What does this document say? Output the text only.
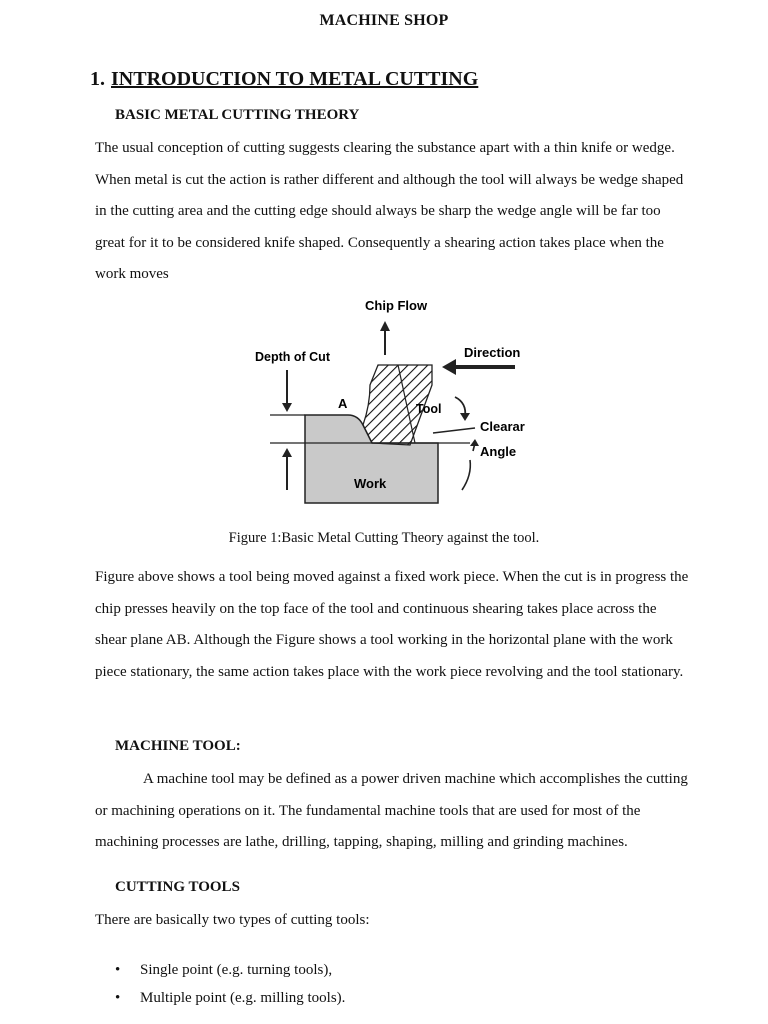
MACHINE SHOP
1. INTRODUCTION TO METAL CUTTING
BASIC METAL CUTTING THEORY
The usual conception of cutting suggests clearing the substance apart with a thin knife or wedge. When metal is cut the action is rather different and although the tool will always be wedge shaped in the cutting area and the cutting edge should always be sharp the wedge angle will be far too great for it to be considered knife shaped. Consequently a shearing action takes place when the work moves
Chip Flow
Depth of Cut	Direction
A	Tool
Clearar
Angle
Work
Figure 1:Basic Metal Cutting Theory against the tool.
Figure above shows a tool being moved against a fixed work piece. When the cut is in progress the chip presses heavily on the top face of the tool and continuous shearing takes place across the shear plane AB. Although the Figure shows a tool working in the horizontal plane with the work piece stationary, the same action takes place with the work piece revolving and the tool stationary.
MACHINE TOOL:
A machine tool may be defined as a power driven machine which accomplishes the cutting or machining operations on it. The fundamental machine tools that are used for most of the machining processes are lathe, drilling, tapping, shaping, milling and grinding machines.
CUTTING TOOLS
There are basically two types of cutting tools:
• Single point (e.g. turning tools),
• Multiple point (e.g. milling tools).
